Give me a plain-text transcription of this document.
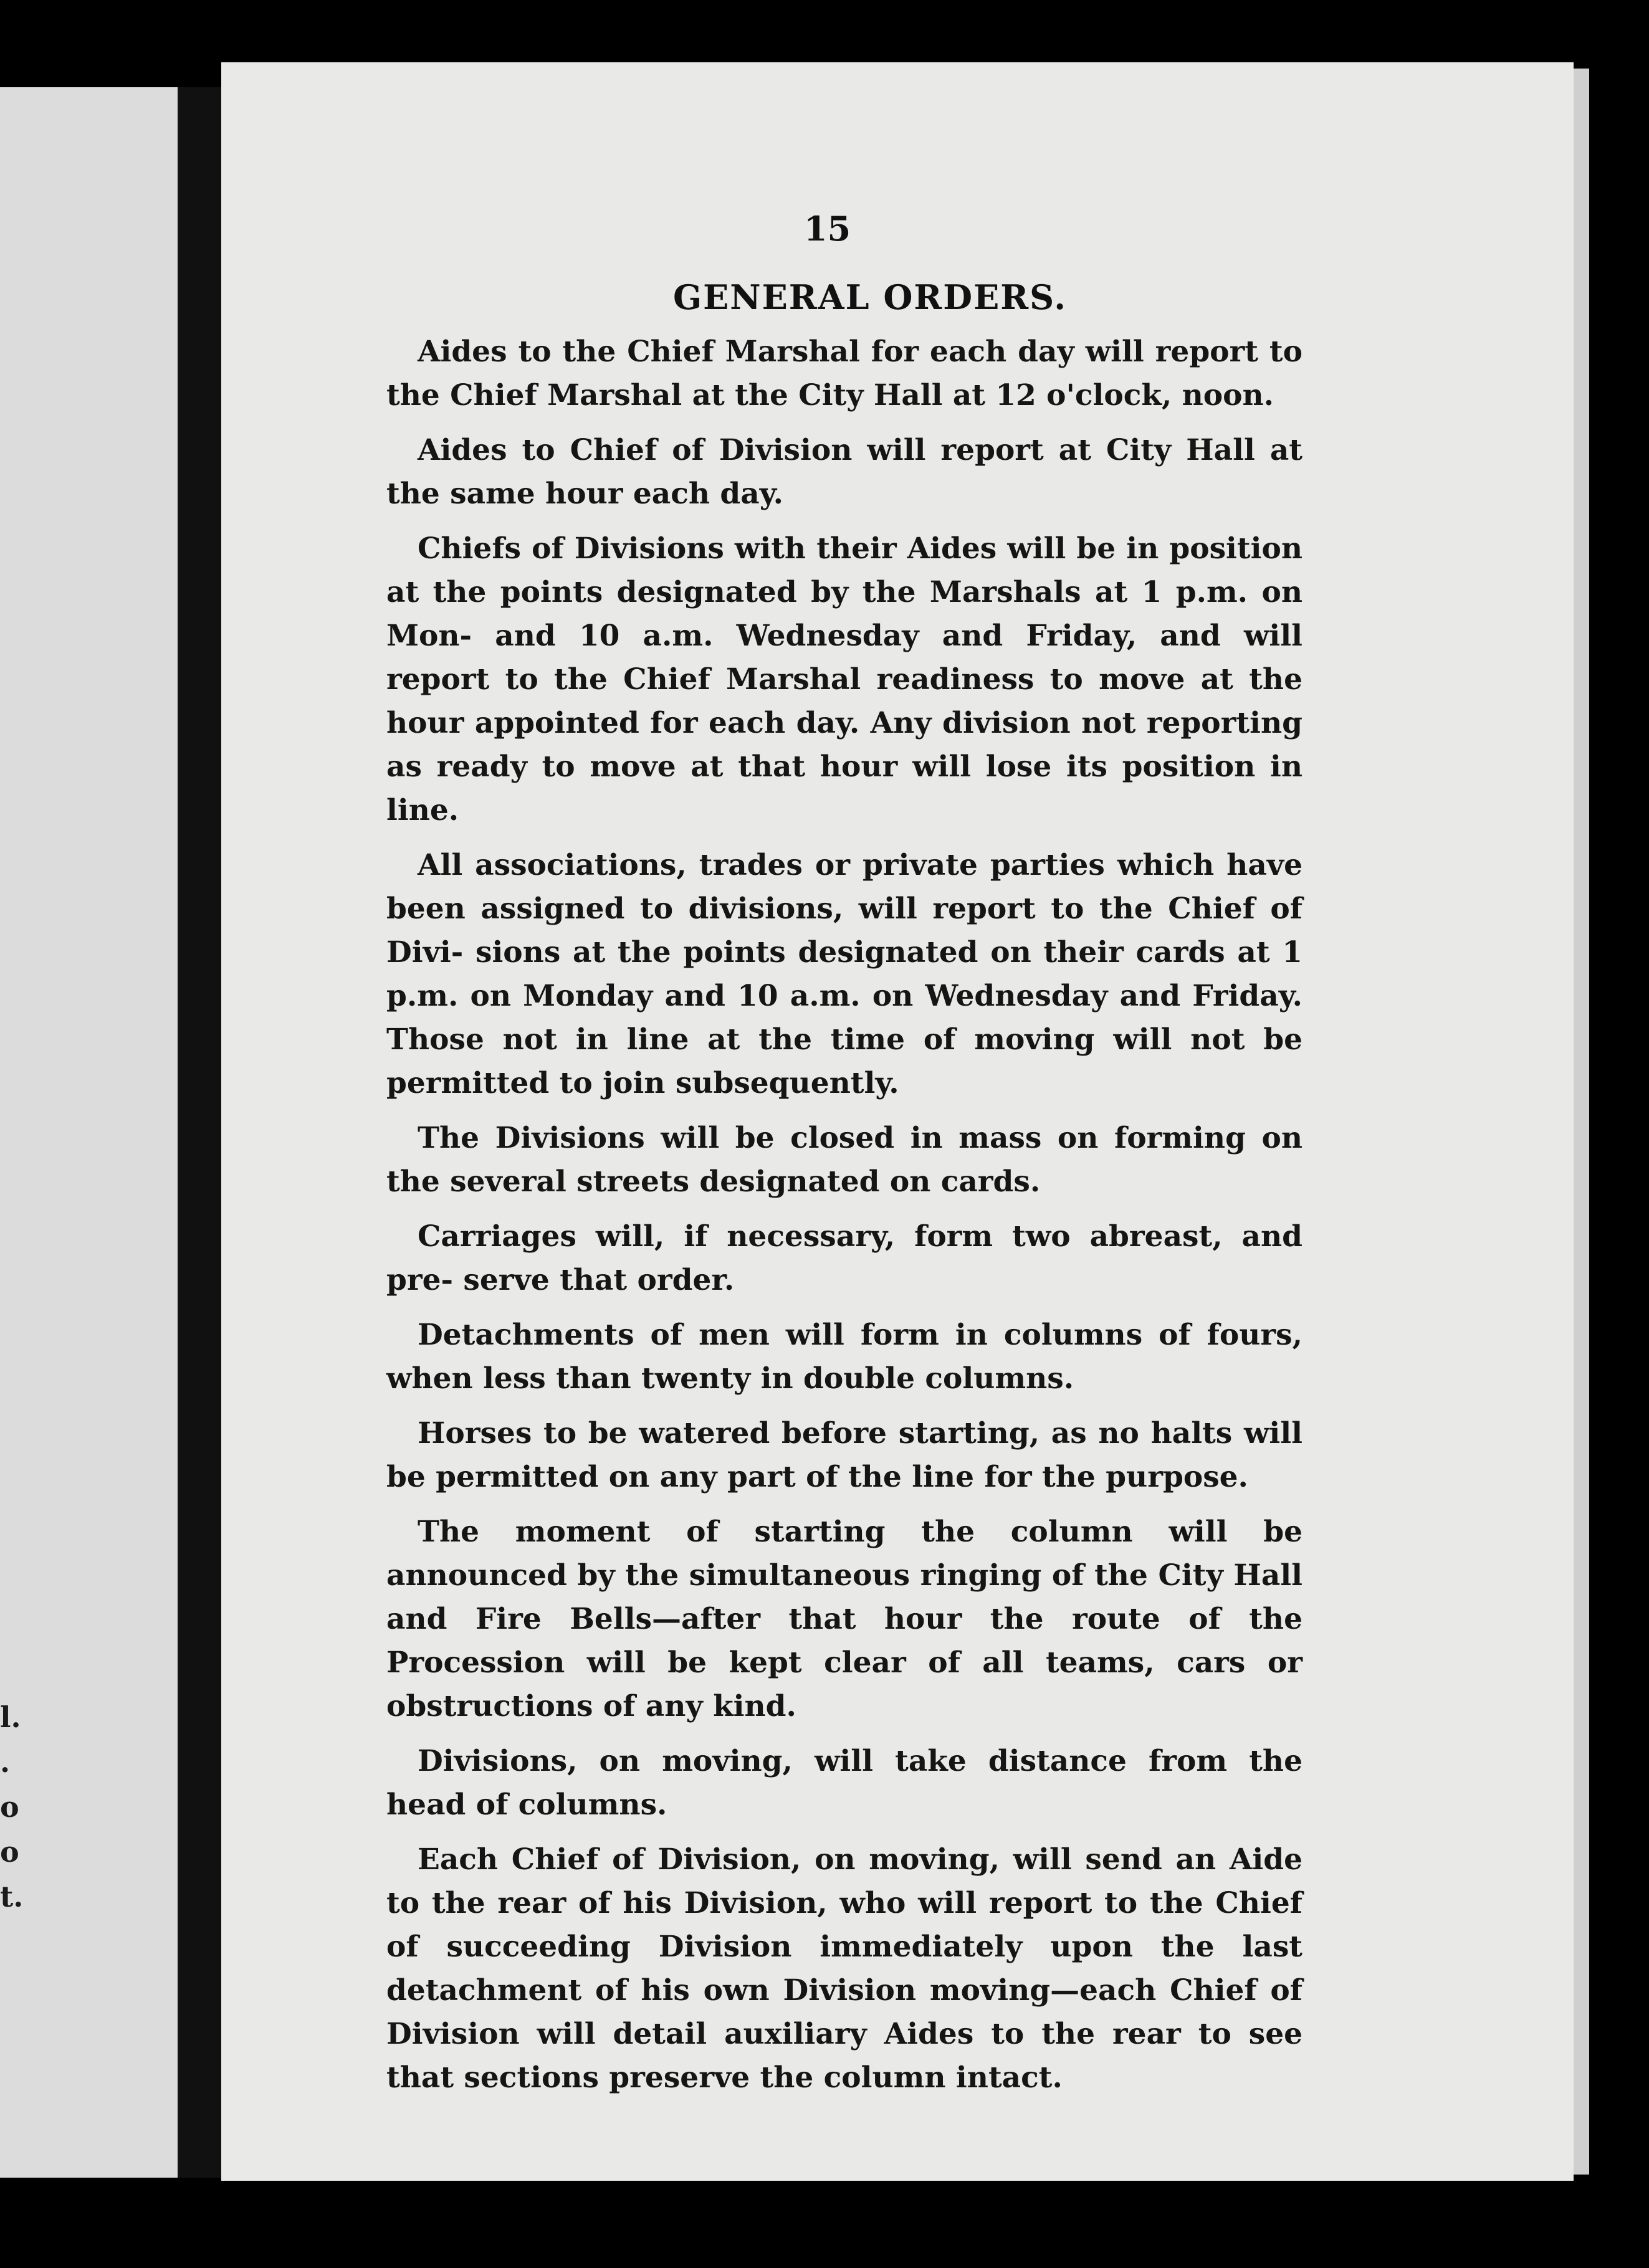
l.
.
o
o
t.
15
GENERAL ORDERS.

Aides to the Chief Marshal for each day will report to the Chief Marshal at the City Hall at 12 o'clock, noon.

Aides to Chief of Division will report at City Hall at the same hour each day.

Chiefs of Divisions with their Aides will be in position at the points designated by the Marshals at 1 p.m. on Mon- and 10 a.m. Wednesday and Friday, and will report to the Chief Marshal readiness to move at the hour appointed for each day. Any division not reporting as ready to move at that hour will lose its position in line.

All associations, trades or private parties which have been assigned to divisions, will report to the Chief of Divi- sions at the points designated on their cards at 1 p.m. on Monday and 10 a.m. on Wednesday and Friday. Those not in line at the time of moving will not be permitted to join subsequently.

The Divisions will be closed in mass on forming on the several streets designated on cards.

Carriages will, if necessary, form two abreast, and pre- serve that order.

Detachments of men will form in columns of fours, when less than twenty in double columns.

Horses to be watered before starting, as no halts will be permitted on any part of the line for the purpose.

The moment of starting the column will be announced by the simultaneous ringing of the City Hall and Fire Bells—after that hour the route of the Procession will be kept clear of all teams, cars or obstructions of any kind.

Divisions, on moving, will take distance from the head of columns.

Each Chief of Division, on moving, will send an Aide to the rear of his Division, who will report to the Chief of succeeding Division immediately upon the last detachment of his own Division moving—each Chief of Division will detail auxiliary Aides to the rear to see that sections preserve the column intact.
